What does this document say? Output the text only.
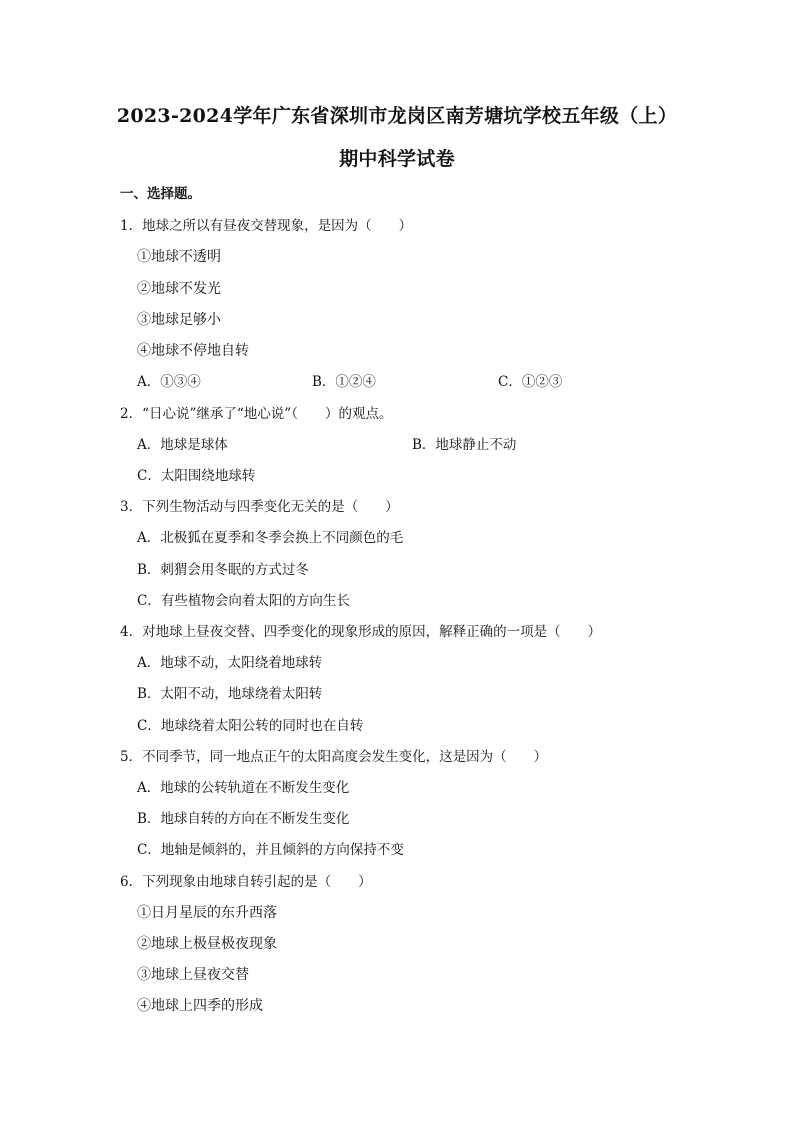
2023-2024学年广东省深圳市龙岗区南芳塘坑学校五年级（上）
期中科学试卷
一、选择题。
1．地球之所以有昼夜交替现象，是因为（　　）
①地球不透明
②地球不发光
③地球足够小
④地球不停地自转
A．①③④	B．①②④	C．①②③
2．“日心说”继承了“地心说”（　　）的观点。
A．地球是球体	B．地球静止不动
C．太阳围绕地球转
3．下列生物活动与四季变化无关的是（　　）
A．北极狐在夏季和冬季会换上不同颜色的毛
B．刺猬会用冬眠的方式过冬
C．有些植物会向着太阳的方向生长
4．对地球上昼夜交替、四季变化的现象形成的原因，解释正确的一项是（　　）
A．地球不动，太阳绕着地球转
B．太阳不动，地球绕着太阳转
C．地球绕着太阳公转的同时也在自转
5．不同季节，同一地点正午的太阳高度会发生变化，这是因为（　　）
A．地球的公转轨道在不断发生变化
B．地球自转的方向在不断发生变化
C．地轴是倾斜的，并且倾斜的方向保持不变
6．下列现象由地球自转引起的是（　　）
①日月星辰的东升西落
②地球上极昼极夜现象
③地球上昼夜交替
④地球上四季的形成
